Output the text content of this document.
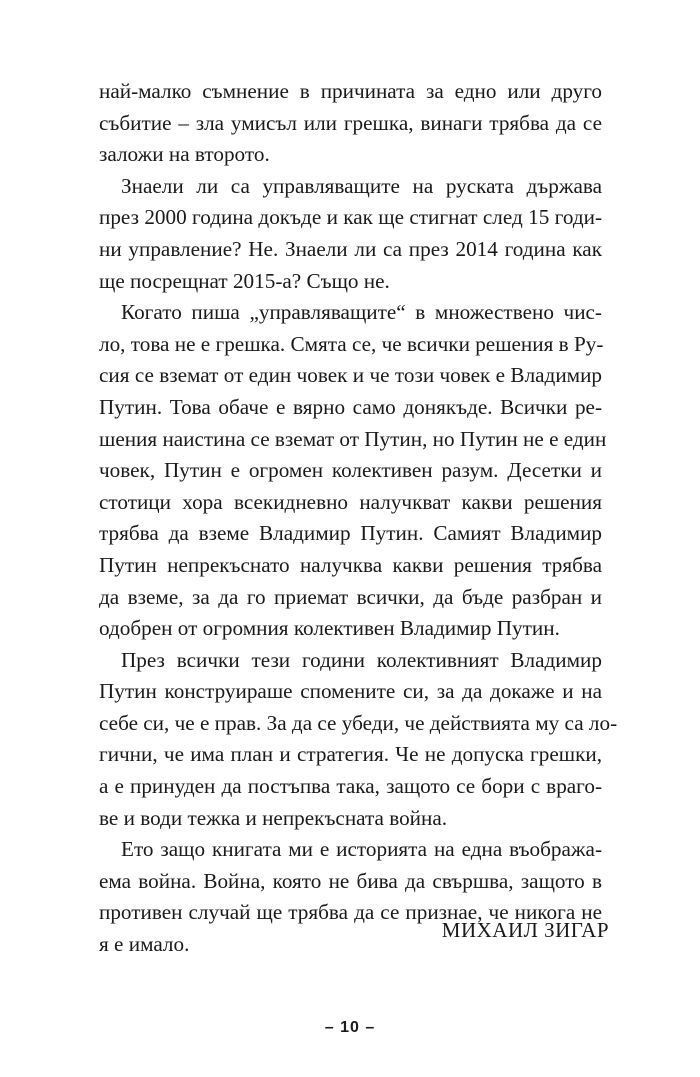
най-малко съмнение в причината за едно или друго
събитие – зла умисъл или грешка, винаги трябва да се
заложи на второто.
Знаели ли са управляващите на руската държава
през 2000 година докъде и как ще стигнат след 15 годи-
ни управление? Не. Знаели ли са през 2014 година как
ще посрещнат 2015-а? Също не.
Когато пиша „управляващите“ в множествено чис-
ло, това не е грешка. Смята се, че всички решения в Ру-
сия се вземат от един човек и че този човек е Владимир
Путин. Това обаче е вярно само донякъде. Всички ре-
шения наистина се вземат от Путин, но Путин не е един
човек, Путин е огромен колективен разум. Десетки и
стотици хора всекидневно налучкват какви решения
трябва да вземе Владимир Путин. Самият Владимир
Путин непрекъснато налучква какви решения трябва
да вземе, за да го приемат всички, да бъде разбран и
одобрен от огромния колективен Владимир Путин.
През всички тези години колективният Владимир
Путин конструираше спомените си, за да докаже и на
себе си, че е прав. За да се убеди, че действията му са ло-
гични, че има план и стратегия. Че не допуска грешки,
а е принуден да постъпва така, защото се бори с враго-
ве и води тежка и непрекъсната война.
Ето защо книгата ми е историята на една въобража-
ема война. Война, която не бива да свършва, защото в
противен случай ще трябва да се признае, че никога не
я е имало.

МИХАИЛ ЗИГАР

– 10 –
